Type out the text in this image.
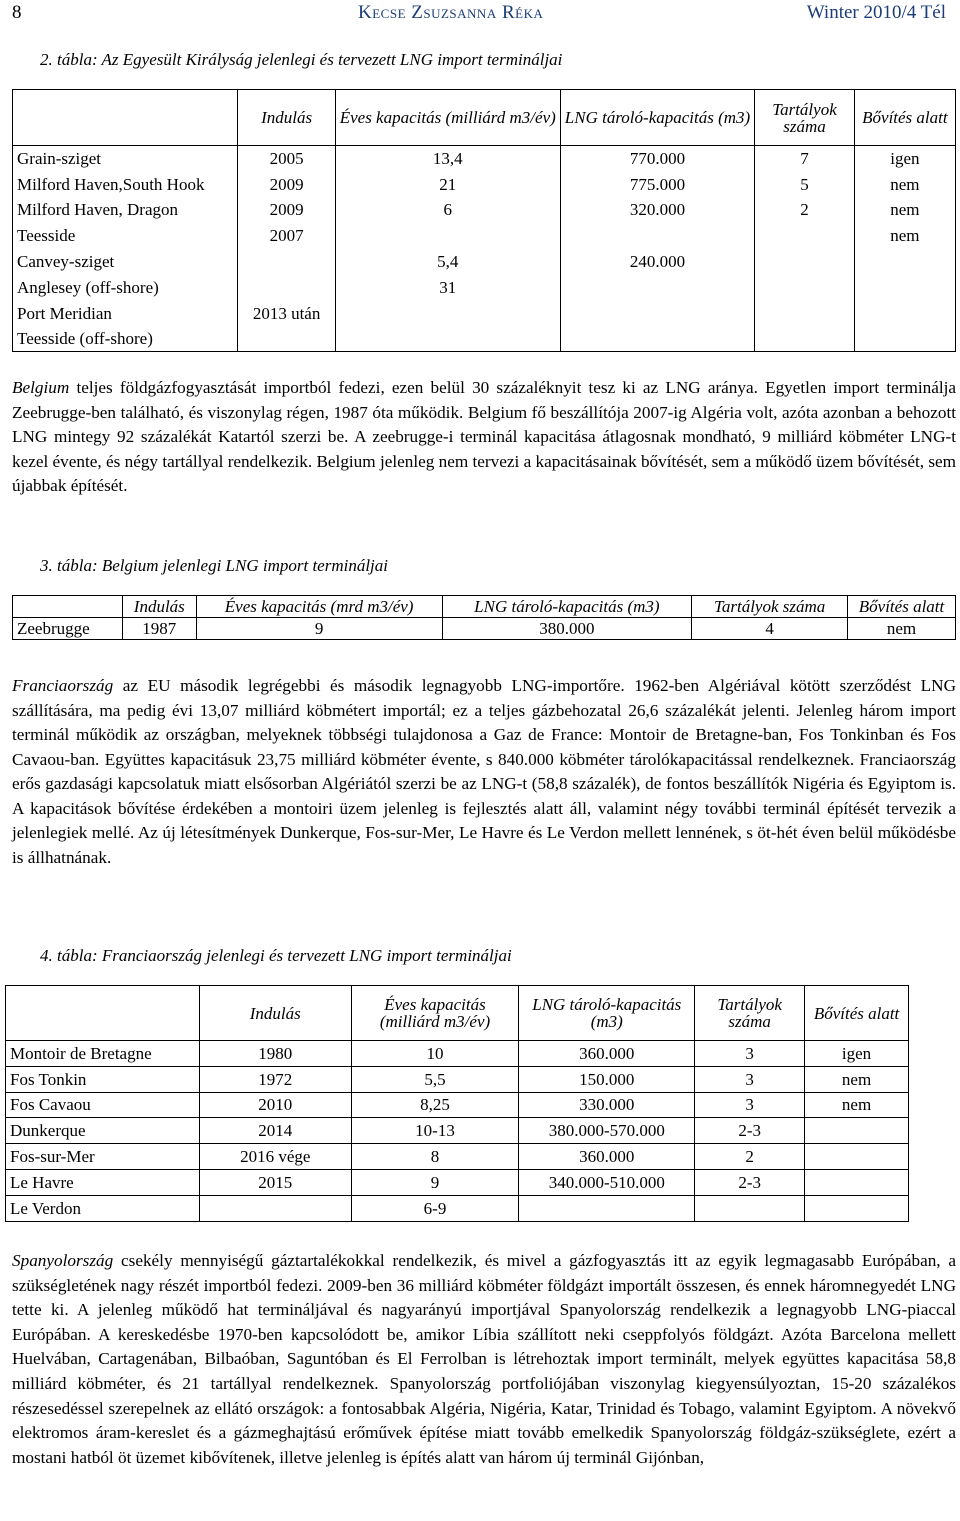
8	Kecse Zsuzsanna Réka	Winter 2010/4 Tél
2. tábla: Az Egyesült Királyság jelenlegi és tervezett LNG import termináljai
	Indulás	Éves kapacitás (milliárd m3/év)	LNG tároló-kapacitás (m3)	Tartályok száma	Bővítés alatt
Grain-sziget	2005	13,4	770.000	7	igen
Milford Haven,South Hook	2009	21	775.000	5	nem
Milford Haven, Dragon	2009	6	320.000	2	nem
Teesside	2007				nem
Canvey-sziget		5,4	240.000		
Anglesey (off-shore)		31			
Port Meridian	2013 után				
Teesside (off-shore)					

Belgium teljes földgázfogyasztását importból fedezi, ezen belül 30 százaléknyit tesz ki az LNG aránya. Egyetlen import terminálja Zeebrugge-ben található, és viszonylag régen, 1987 óta működik. Belgium fő beszállítója 2007-ig Algéria volt, azóta azonban a behozott LNG mintegy 92 százalékát Katartól szerzi be. A zeebrugge-i terminál kapacitása átlagosnak mondható, 9 milliárd köbméter LNG-t kezel évente, és négy tartállyal rendelkezik. Belgium jelenleg nem tervezi a kapacitásainak bővítését, sem a működő üzem bővítését, sem újabbak építését.

3. tábla: Belgium jelenlegi LNG import termináljai
	Indulás	Éves kapacitás (mrd m3/év)	LNG tároló-kapacitás (m3)	Tartályok száma	Bővítés alatt
Zeebrugge	1987	9	380.000	4	nem

Franciaország az EU második legrégebbi és második legnagyobb LNG-importőre. 1962-ben Algériával kötött szerződést LNG szállítására, ma pedig évi 13,07 milliárd köbmétert importál; ez a teljes gázbehozatal 26,6 százalékát jelenti. Jelenleg három import terminál működik az országban, melyeknek többségi tulajdonosa a Gaz de France: Montoir de Bretagne-ban, Fos Tonkinban és Fos Cavaou-ban. Együttes kapacitásuk 23,75 milliárd köbméter évente, s 840.000 köbméter tárolókapacitással rendelkeznek. Franciaország erős gazdasági kapcsolatuk miatt elsősorban Algériától szerzi be az LNG-t (58,8 százalék), de fontos beszállítók Nigéria és Egyiptom is. A kapacitások bővítése érdekében a montoiri üzem jelenleg is fejlesztés alatt áll, valamint négy további terminál építését tervezik a jelenlegiek mellé. Az új létesítmények Dunkerque, Fos-sur-Mer, Le Havre és Le Verdon mellett lennének, s öt-hét éven belül működésbe is állhatnának.

4. tábla: Franciaország jelenlegi és tervezett LNG import termináljai
	Indulás	Éves kapacitás (milliárd m3/év)	LNG tároló-kapacitás (m3)	Tartályok száma	Bővítés alatt
Montoir de Bretagne	1980	10	360.000	3	igen
Fos Tonkin	1972	5,5	150.000	3	nem
Fos Cavaou	2010	8,25	330.000	3	nem
Dunkerque	2014	10-13	380.000-570.000	2-3	
Fos-sur-Mer	2016 vége	8	360.000	2	
Le Havre	2015	9	340.000-510.000	2-3	
Le Verdon		6-9			

Spanyolország csekély mennyiségű gáztartalékokkal rendelkezik, és mivel a gázfogyasztás itt az egyik legmagasabb Európában, a szükségletének nagy részét importból fedezi. 2009-ben 36 milliárd köbméter földgázt importált összesen, és ennek háromnegyedét LNG tette ki. A jelenleg működő hat terminálјával és nagyarányú importjával Spanyolország rendelkezik a legnagyobb LNG-piaccal Európában. A kereskedésbe 1970-ben kapcsolódott be, amikor Líbia szállított neki cseppfolyós földgázt. Azóta Barcelona mellett Huelvában, Cartagenában, Bilbaóban, Saguntóban és El Ferrolban is létrehoztak import terminált, melyek együttes kapacitása 58,8 milliárd köbméter, és 21 tartállyal rendelkeznek. Spanyolország portfoliójában viszonylag kiegyensúlyoztan, 15-20 százalékos részesedéssel szerepelnek az ellátó országok: a fontosabbak Algéria, Nigéria, Katar, Trinidad és Tobago, valamint Egyiptom. A növekvő elektromos áram-kereslet és a gázmeghajtású erőművek építése miatt tovább emelkedik Spanyolország földgáz-szükséglete, ezért a mostani hatból öt üzemet kibővítenek, illetve jelenleg is építés alatt van három új terminál Gijónban,
